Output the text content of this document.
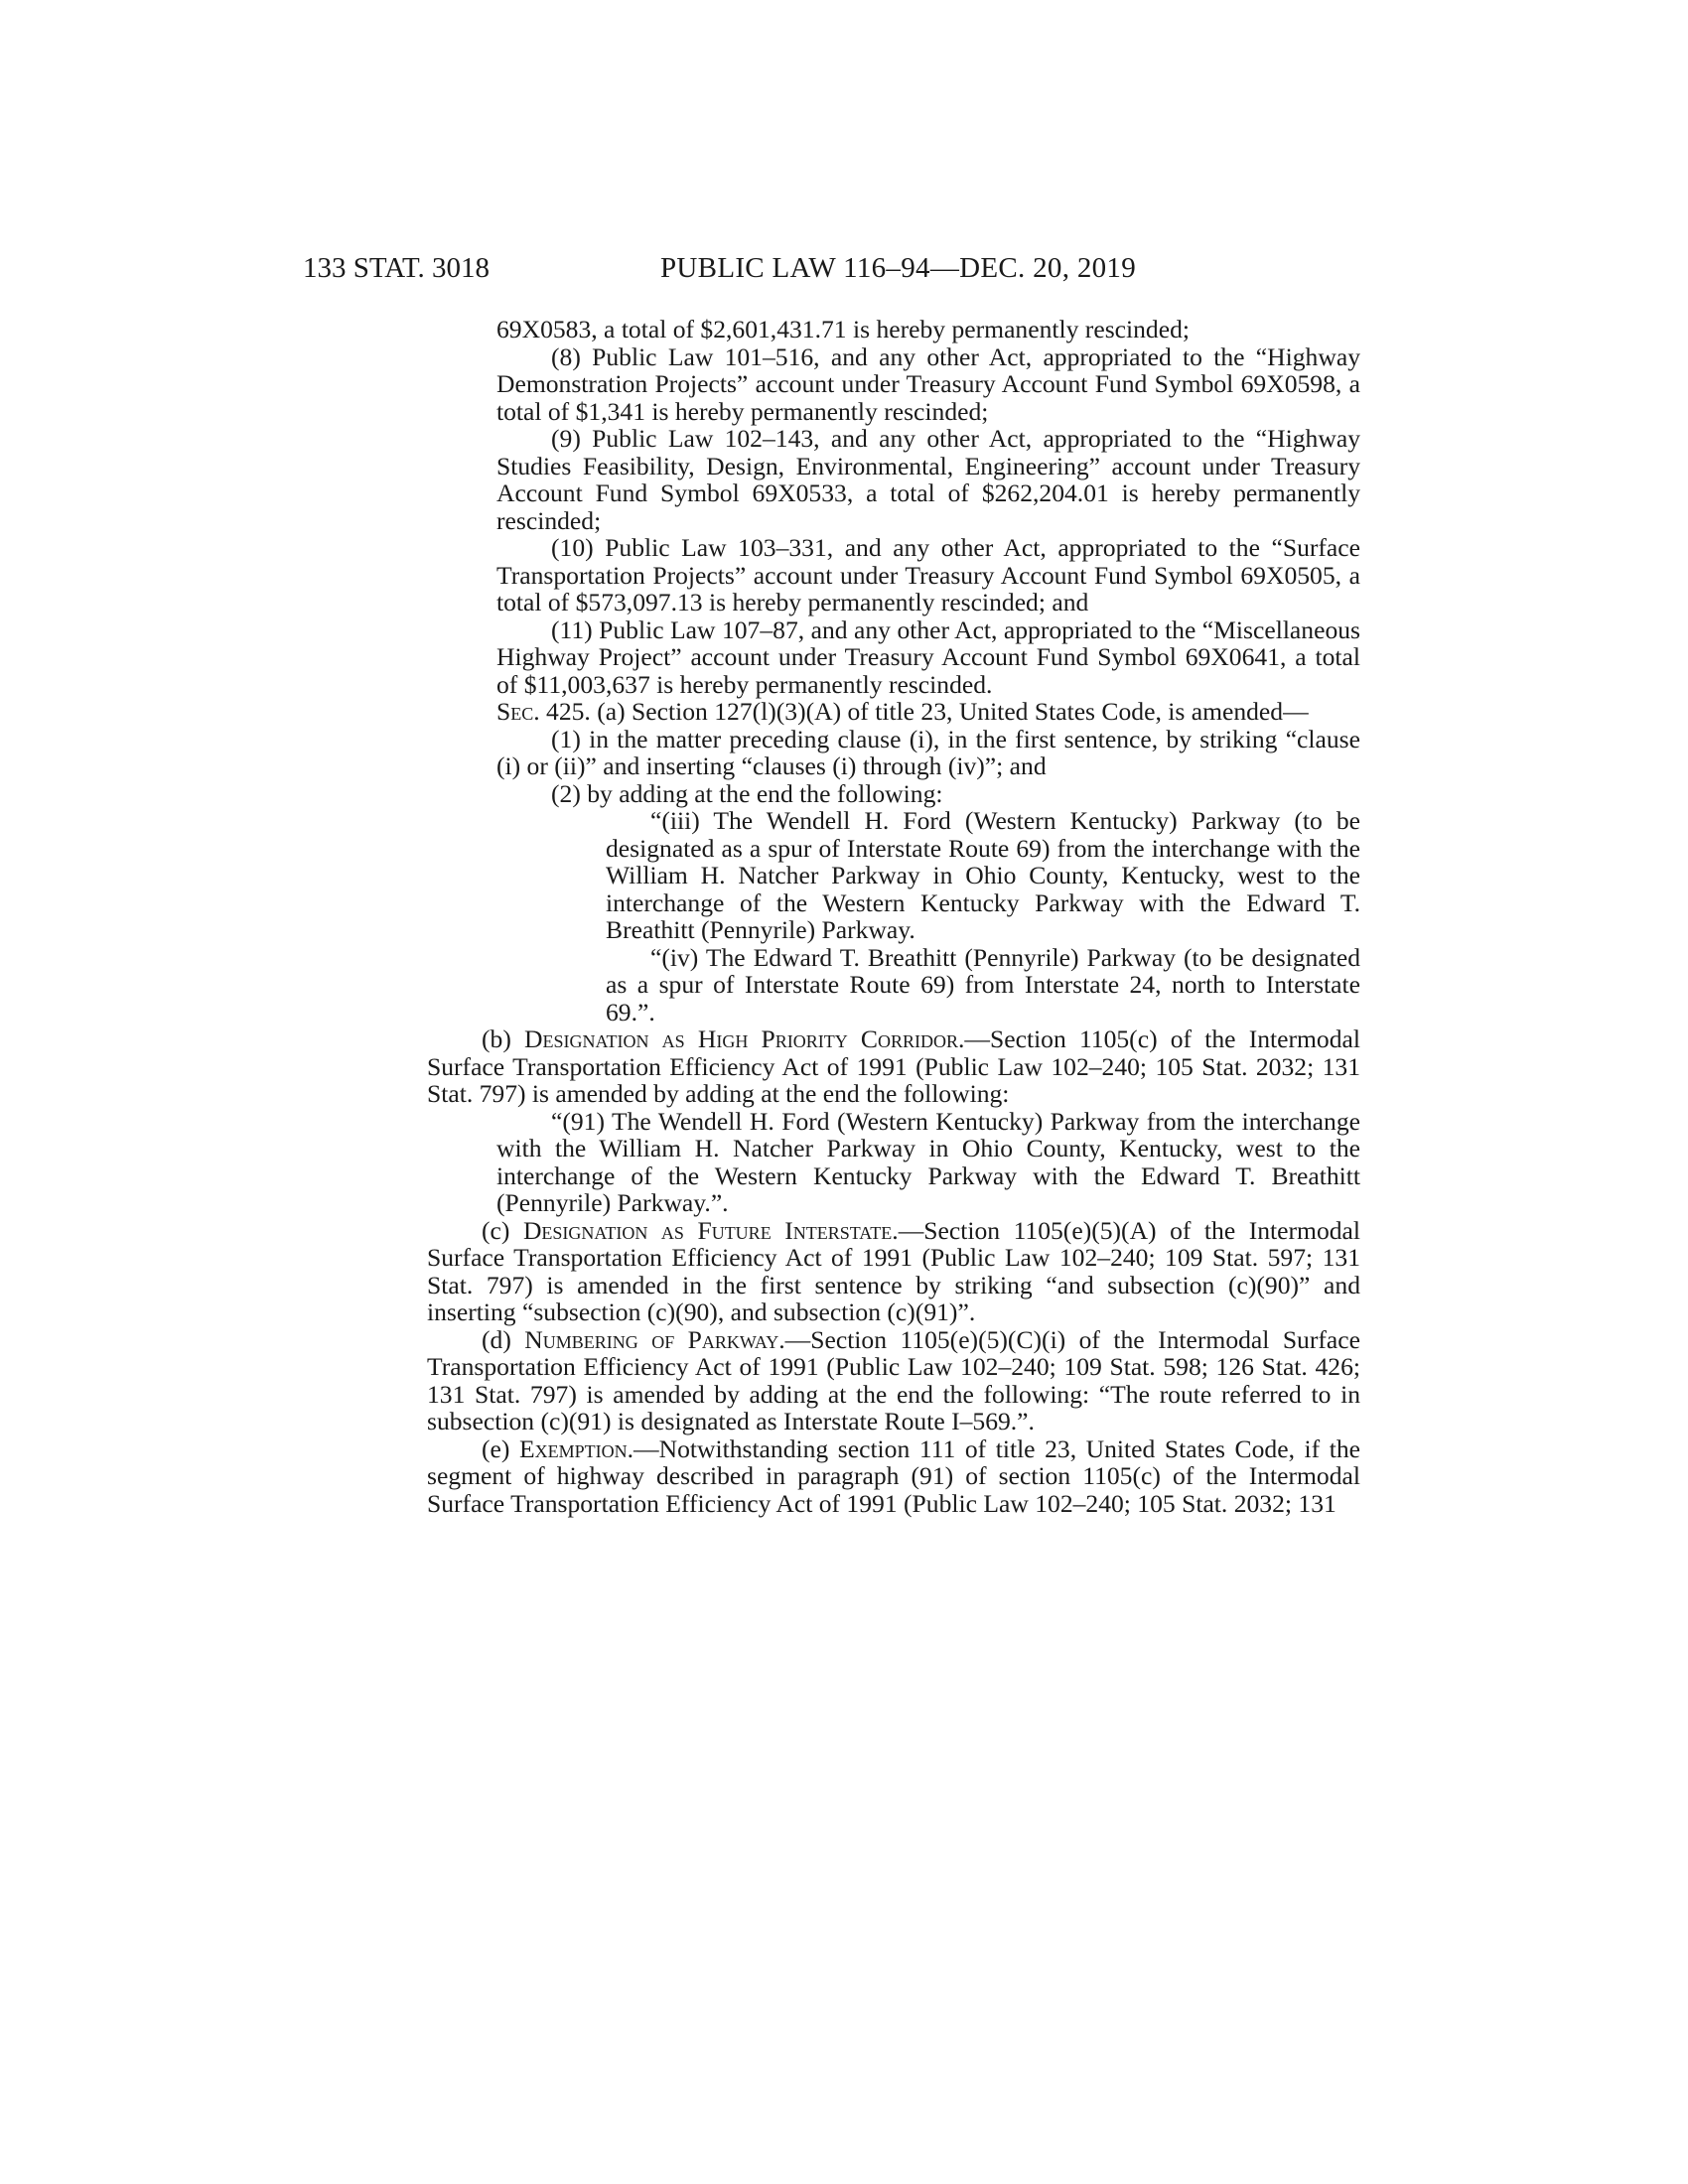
133 STAT. 3018	PUBLIC LAW 116–94—DEC. 20, 2019

69X0583, a total of $2,601,431.71 is hereby permanently rescinded;

(8) Public Law 101–516, and any other Act, appropriated to the “Highway Demonstration Projects” account under Treasury Account Fund Symbol 69X0598, a total of $1,341 is hereby permanently rescinded;

(9) Public Law 102–143, and any other Act, appropriated to the “Highway Studies Feasibility, Design, Environmental, Engineering” account under Treasury Account Fund Symbol 69X0533, a total of $262,204.01 is hereby permanently rescinded;

(10) Public Law 103–331, and any other Act, appropriated to the “Surface Transportation Projects” account under Treasury Account Fund Symbol 69X0505, a total of $573,097.13 is hereby permanently rescinded; and

(11) Public Law 107–87, and any other Act, appropriated to the “Miscellaneous Highway Project” account under Treasury Account Fund Symbol 69X0641, a total of $11,003,637 is hereby permanently rescinded.

Sec. 425. (a) Section 127(l)(3)(A) of title 23, United States Code, is amended—

(1) in the matter preceding clause (i), in the first sentence, by striking “clause (i) or (ii)” and inserting “clauses (i) through (iv)”; and

(2) by adding at the end the following:

“(iii) The Wendell H. Ford (Western Kentucky) Parkway (to be designated as a spur of Interstate Route 69) from the interchange with the William H. Natcher Parkway in Ohio County, Kentucky, west to the interchange of the Western Kentucky Parkway with the Edward T. Breathitt (Pennyrile) Parkway.

“(iv) The Edward T. Breathitt (Pennyrile) Parkway (to be designated as a spur of Interstate Route 69) from Interstate 24, north to Interstate 69.”.

(b) Designation as High Priority Corridor.—Section 1105(c) of the Intermodal Surface Transportation Efficiency Act of 1991 (Public Law 102–240; 105 Stat. 2032; 131 Stat. 797) is amended by adding at the end the following:

“(91) The Wendell H. Ford (Western Kentucky) Parkway from the interchange with the William H. Natcher Parkway in Ohio County, Kentucky, west to the interchange of the Western Kentucky Parkway with the Edward T. Breathitt (Pennyrile) Parkway.”.

(c) Designation as Future Interstate.—Section 1105(e)(5)(A) of the Intermodal Surface Transportation Efficiency Act of 1991 (Public Law 102–240; 109 Stat. 597; 131 Stat. 797) is amended in the first sentence by striking “and subsection (c)(90)” and inserting “subsection (c)(90), and subsection (c)(91)”.

(d) Numbering of Parkway.—Section 1105(e)(5)(C)(i) of the Intermodal Surface Transportation Efficiency Act of 1991 (Public Law 102–240; 109 Stat. 598; 126 Stat. 426; 131 Stat. 797) is amended by adding at the end the following: “The route referred to in subsection (c)(91) is designated as Interstate Route I–569.”.

(e) Exemption.—Notwithstanding section 111 of title 23, United States Code, if the segment of highway described in paragraph (91) of section 1105(c) of the Intermodal Surface Transportation Efficiency Act of 1991 (Public Law 102–240; 105 Stat. 2032; 131
